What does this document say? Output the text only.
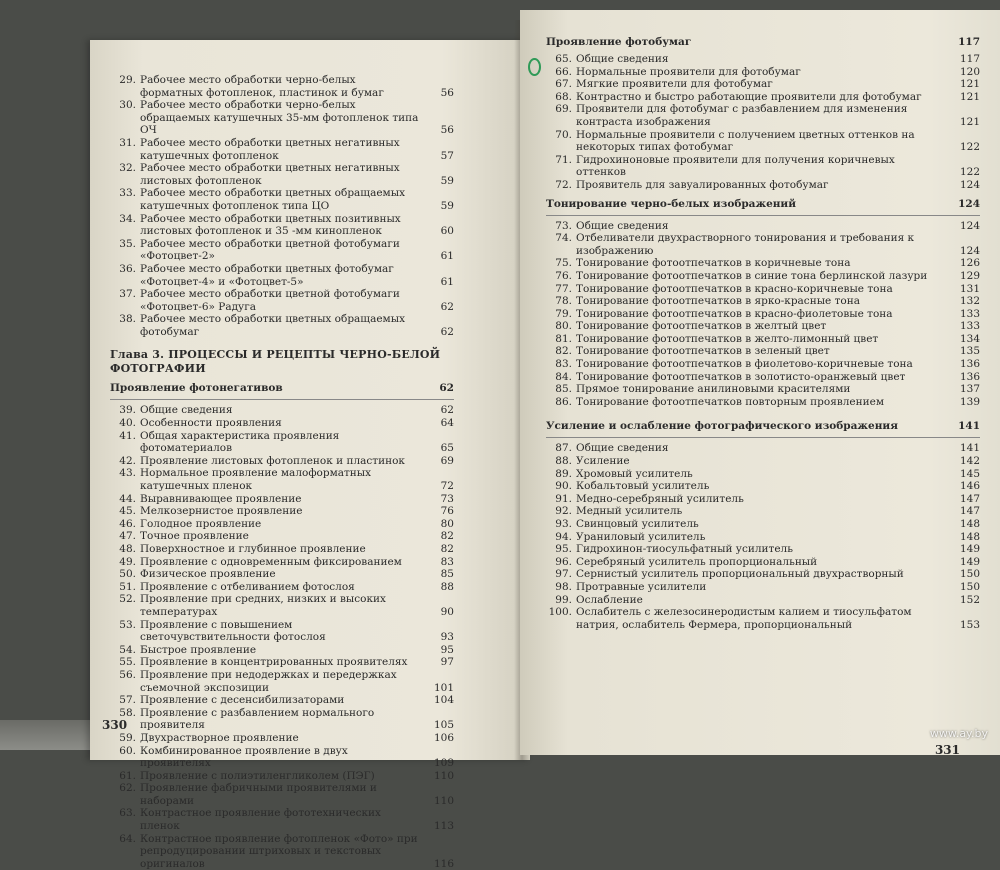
29. Рабочее место обработки черно-белых форматных фотопленок, пластинок и бумаг	56
30. Рабочее место обработки черно-белых обращаемых катушечных 35-мм фотопленок типа ОЧ	56
31. Рабочее место обработки цветных негативных катушечных фотопленок	57
32. Рабочее место обработки цветных негативных листовых фотопленок	59
33. Рабочее место обработки цветных обращаемых катушечных фотопленок типа ЦО	59
34. Рабочее место обработки цветных позитивных листовых фотопленок и 35 -мм кинопленок	60
35. Рабочее место обработки цветной фотобумаги «Фотоцвет-2»	61
36. Рабочее место обработки цветных фотобумаг «Фотоцвет-4» и «Фотоцвет-5»	61
37. Рабочее место обработки цветной фотобумаги «Фотоцвет-6» Радуга	62
38. Рабочее место обработки цветных обращаемых фотобумаг	62
Глава 3. ПРОЦЕССЫ И РЕЦЕПТЫ ЧЕРНО-БЕЛОЙ ФОТОГРАФИИ
Проявление фотонегативов	62
39. Общие сведения	62
40. Особенности проявления	64
41. Общая характеристика проявления фотоматериалов	65
42. Проявление листовых фотопленок и пластинок	69
43. Нормальное проявление малоформатных катушечных пленок	72
44. Выравнивающее проявление	73
45. Мелкозернистое проявление	76
46. Голодное проявление	80
47. Точное проявление	82
48. Поверхностное и глубинное проявление	82
49. Проявление с одновременным фиксированием	83
50. Физическое проявление	85
51. Проявление с отбеливанием фотослоя	88
52. Проявление при средних, низких и высоких температурах	90
53. Проявление с повышением светочувствительности фотослоя	93
54. Быстрое проявление	95
55. Проявление в концентрированных проявителях	97
56. Проявление при недодержках и передержках съемочной экспозиции	101
57. Проявление с десенсибилизаторами	104
58. Проявление с разбавлением нормального проявителя	105
59. Двухрастворное проявление	106
60. Комбинированное проявление в двух проявителях	109
61. Проявление с полиэтиленгликолем (ПЭГ)	110
62. Проявление фабричными проявителями и наборами	110
63. Контрастное проявление фототехнических пленок	113
64. Контрастное проявление фотопленок «Фото» при репродуцировании штриховых и текстовых оригиналов	116
330
Проявление фотобумаг	117
65. Общие сведения	117
66. Нормальные проявители для фотобумаг	120
67. Мягкие проявители для фотобумаг	121
68. Контрастно и быстро работающие проявители для фотобумаг	121
69. Проявители для фотобумаг с разбавлением для изменения контраста изображения	121
70. Нормальные проявители с получением цветных оттенков на некоторых типах фотобумаг	122
71. Гидрохиноновые проявители для получения коричневых оттенков	122
72. Проявитель для завуалированных фотобумаг	124
Тонирование черно-белых изображений	124
73. Общие сведения	124
74. Отбеливатели двухрастворного тонирования и требования к изображению	124
75. Тонирование фотоотпечатков в коричневые тона	126
76. Тонирование фотоотпечатков в синие тона берлинской лазури	129
77. Тонирование фотоотпечатков в красно-коричневые тона	131
78. Тонирование фотоотпечатков в ярко-красные тона	132
79. Тонирование фотоотпечатков в красно-фиолетовые тона	133
80. Тонирование фотоотпечатков в желтый цвет	133
81. Тонирование фотоотпечатков в желто-лимонный цвет	134
82. Тонирование фотоотпечатков в зеленый цвет	135
83. Тонирование фотоотпечатков в фиолетово-коричневые тона	136
84. Тонирование фотоотпечатков в золотисто-оранжевый цвет	136
85. Прямое тонирование анилиновыми красителями	137
86. Тонирование фотоотпечатков повторным проявлением	139
Усиление и ослабление фотографического изображения	141
87. Общие сведения	141
88. Усиление	142
89. Хромовый усилитель	145
90. Кобальтовый усилитель	146
91. Медно-серебряный усилитель	147
92. Медный усилитель	147
93. Свинцовый усилитель	148
94. Урaниловый усилитель	148
95. Гидрохинон-тиосульфатный усилитель	149
96. Серебряный усилитель пропорциональный	149
97. Сернистый усилитель пропорциональный двухрастворный	150
98. Протравные усилители	150
99. Ослабление	152
100. Ослабитель с железосинеродистым калием и тиосульфатом натрия, ослабитель Фермера, пропорциональный	153
331
www.ay.by
